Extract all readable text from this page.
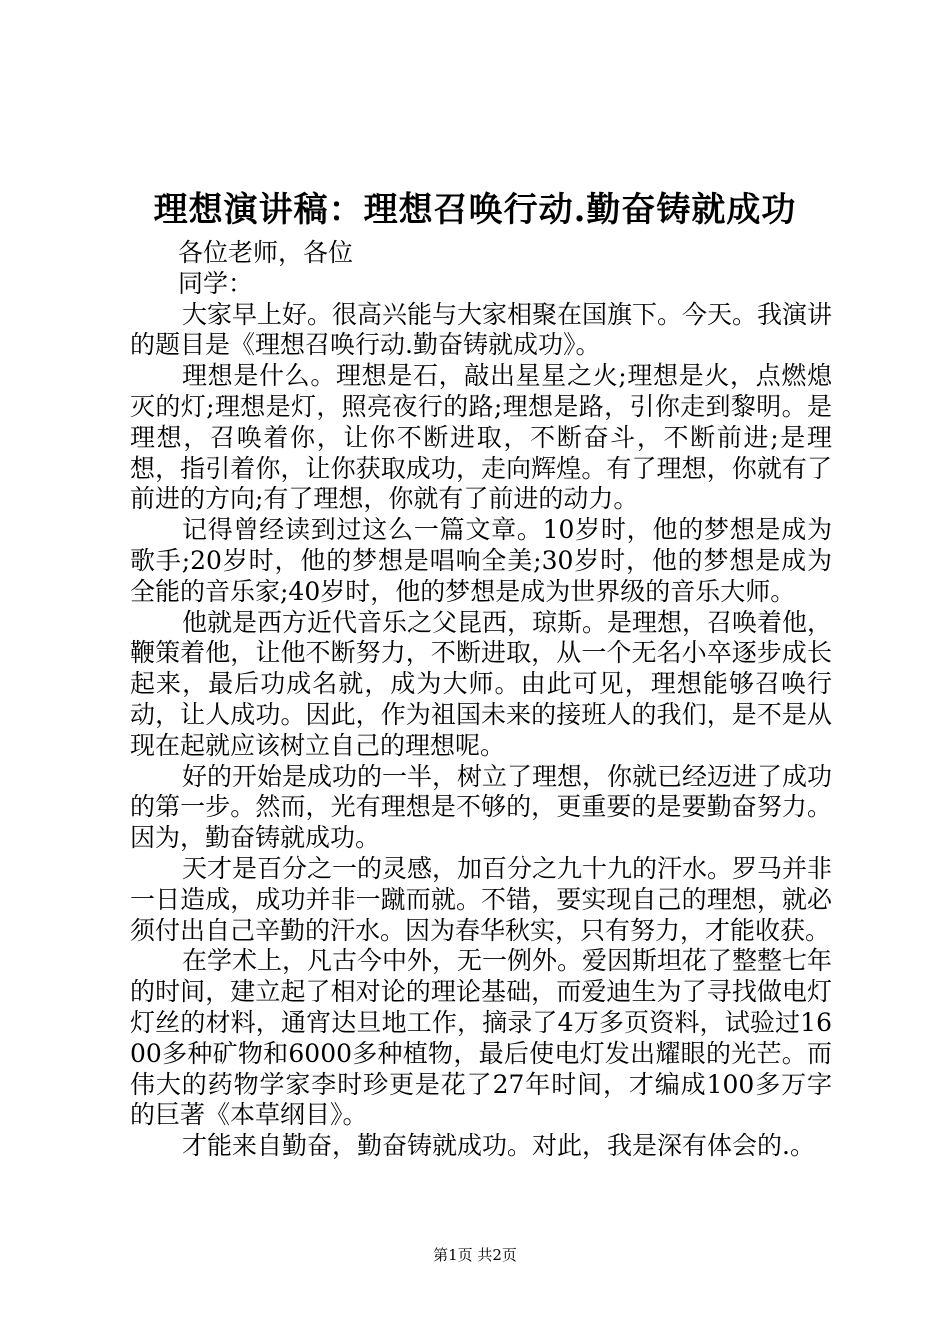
理想演讲稿：理想召唤行动.勤奋铸就成功

各位老师，各位

同学：

大家早上好。很高兴能与大家相聚在国旗下。今天。我演讲的题目是《理想召唤行动.勤奋铸就成功》。

理想是什么。理想是石，敲出星星之火;理想是火，点燃熄灭的灯;理想是灯，照亮夜行的路;理想是路，引你走到黎明。是理想，召唤着你，让你不断进取，不断奋斗，不断前进;是理想，指引着你，让你获取成功，走向辉煌。有了理想，你就有了前进的方向;有了理想，你就有了前进的动力。

记得曾经读到过这么一篇文章。10岁时，他的梦想是成为歌手;20岁时，他的梦想是唱响全美;30岁时，他的梦想是成为全能的音乐家;40岁时，他的梦想是成为世界级的音乐大师。

他就是西方近代音乐之父昆西，琼斯。是理想，召唤着他，鞭策着他，让他不断努力，不断进取，从一个无名小卒逐步成长起来，最后功成名就，成为大师。由此可见，理想能够召唤行动，让人成功。因此，作为祖国未来的接班人的我们，是不是从现在起就应该树立自己的理想呢。

好的开始是成功的一半，树立了理想，你就已经迈进了成功的第一步。然而，光有理想是不够的，更重要的是要勤奋努力。因为，勤奋铸就成功。

天才是百分之一的灵感，加百分之九十九的汗水。罗马并非一日造成，成功并非一蹴而就。不错，要实现自己的理想，就必须付出自己辛勤的汗水。因为春华秋实，只有努力，才能收获。

在学术上，凡古今中外，无一例外。爱因斯坦花了整整七年的时间，建立起了相对论的理论基础，而爱迪生为了寻找做电灯灯丝的材料，通宵达旦地工作，摘录了4万多页资料，试验过1600多种矿物和6000多种植物，最后使电灯发出耀眼的光芒。而伟大的药物学家李时珍更是花了27年时间，才编成100多万字的巨著《本草纲目》。

才能来自勤奋，勤奋铸就成功。对此，我是深有体会的.。

第1页 共2页
